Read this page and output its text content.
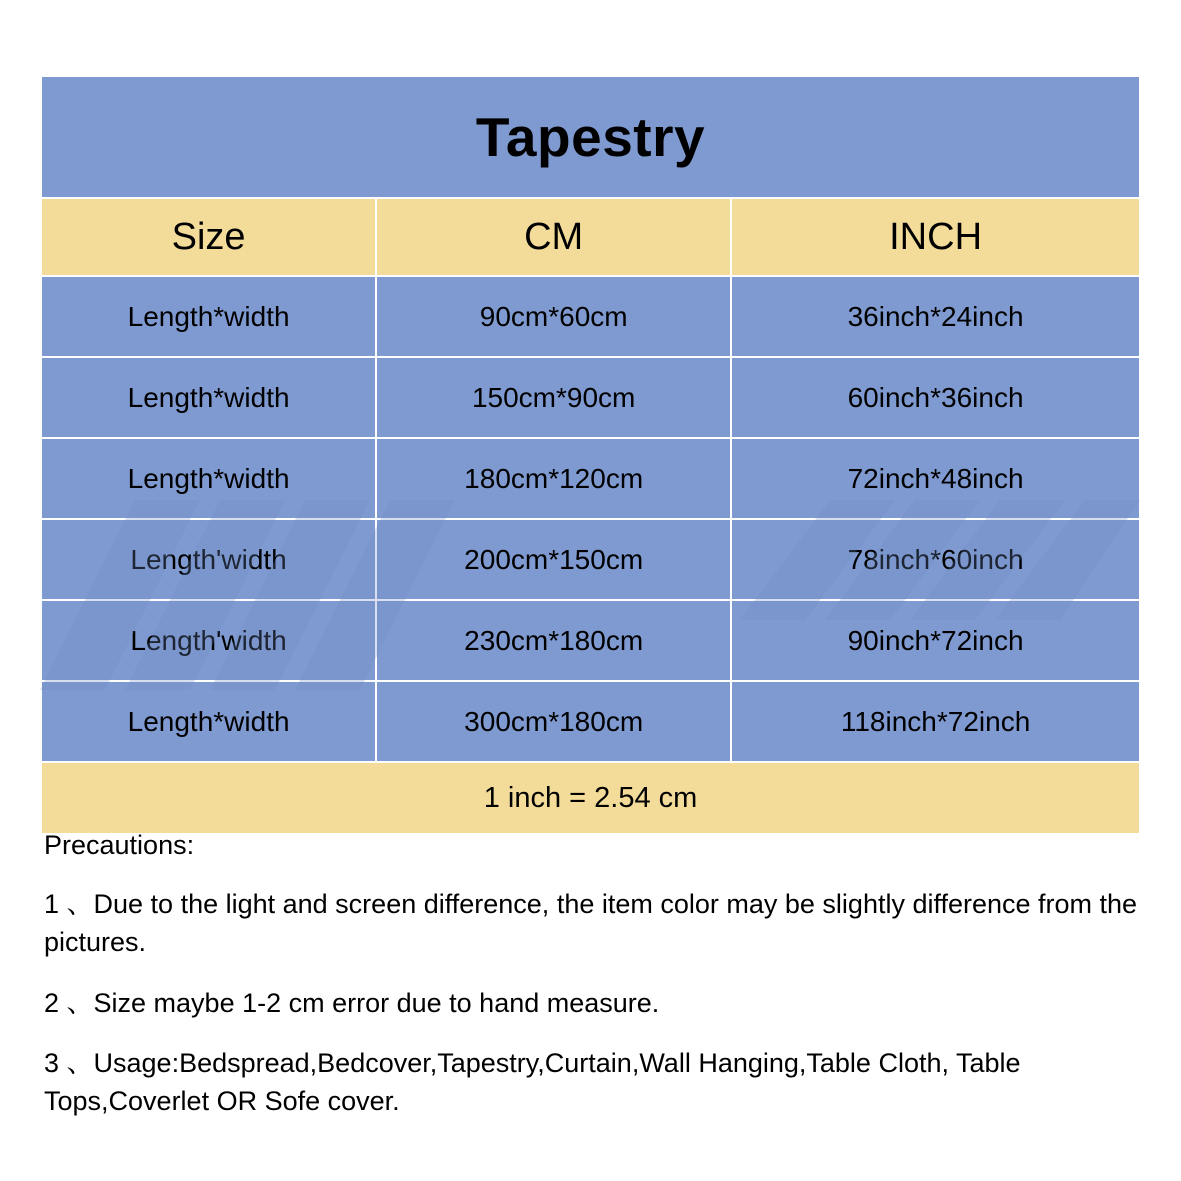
Tapestry		
Size	CM	INCH
Length*width	90cm*60cm	36inch*24inch
Length*width	150cm*90cm	60inch*36inch
Length*width	180cm*120cm	72inch*48inch
Length'width	200cm*150cm	78inch*60inch
Length'width	230cm*180cm	90inch*72inch
Length*width	300cm*180cm	118inch*72inch
1 inch = 2.54 cm		
Precautions:

1 、Due to the light and screen difference, the item color may be slightly difference from the pictures.

2 、Size maybe 1-2 cm error due to hand measure.

3 、Usage:Bedspread,Bedcover,Tapestry,Curtain,Wall Hanging,Table Cloth, Table Tops,Coverlet OR Sofe cover.
